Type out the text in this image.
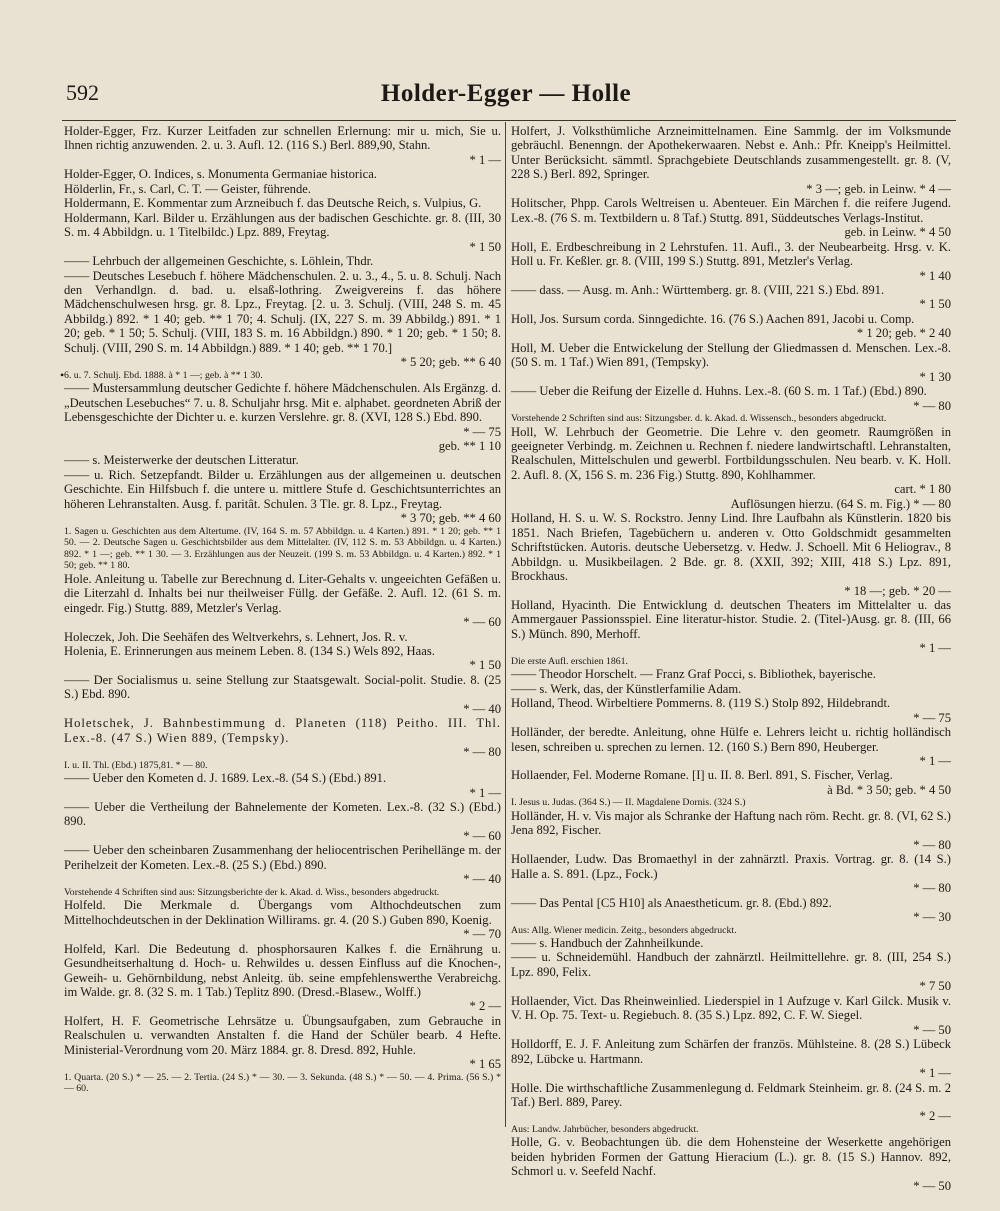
592	Holder-Egger — Holle
•

Holder-Egger, Frz. Kurzer Leitfaden zur schnellen Erlernung: mir u. mich, Sie u. Ihnen richtig anzuwenden. 2. u. 3. Aufl. 12. (116 S.) Berl. 889,90, Stahn.

* 1 —

Holder-Egger, O. Indices, s. Monumenta Germaniae historica.

Hölderlin, Fr., s. Carl, C. T. — Geister, führende.

Holdermann, E. Kommentar zum Arzneibuch f. das Deutsche Reich, s. Vulpius, G.

Holdermann, Karl. Bilder u. Erzählungen aus der badischen Geschichte. gr. 8. (III, 30 S. m. 4 Abbildgn. u. 1 Titelbildc.) Lpz. 889, Freytag.

* 1 50

—— Lehrbuch der allgemeinen Geschichte, s. Löhlein, Thdr.

—— Deutsches Lesebuch f. höhere Mädchenschulen. 2. u. 3., 4., 5. u. 8. Schulj. Nach den Verhandlgn. d. bad. u. elsaß-lothring. Zweigvereins f. das höhere Mädchenschulwesen hrsg. gr. 8. Lpz., Freytag. [2. u. 3. Schulj. (VIII, 248 S. m. 45 Abbildg.) 892. * 1 40; geb. ** 1 70; 4. Schulj. (IX, 227 S. m. 39 Abbildg.) 891. * 1 20; geb. * 1 50; 5. Schulj. (VIII, 183 S. m. 16 Abbildgn.) 890. * 1 20; geb. * 1 50; 8. Schulj. (VIII, 290 S. m. 14 Abbildgn.) 889. * 1 40; geb. ** 1 70.]

* 5 20; geb. ** 6 40

6. u. 7. Schulj. Ebd. 1888. à * 1 —; geb. à ** 1 30.

—— Mustersammlung deutscher Gedichte f. höhere Mädchenschulen. Als Ergänzg. d. „Deutschen Lesebuches“ 7. u. 8. Schuljahr hrsg. Mit e. alphabet. geordneten Abriß der Lebensgeschichte der Dichter u. e. kurzen Verslehre. gr. 8. (XVI, 128 S.) Ebd. 890.

* — 75

geb. ** 1 10

—— s. Meisterwerke der deutschen Litteratur.

—— u. Rich. Setzepfandt. Bilder u. Erzählungen aus der allgemeinen u. deutschen Geschichte. Ein Hilfsbuch f. die untere u. mittlere Stufe d. Geschichtsunterrichtes an höheren Lehranstalten. Ausg. f. paritât. Schulen. 3 Tle. gr. 8. Lpz., Freytag.

* 3 70; geb. ** 4 60

1. Sagen u. Geschichten aus dem Altertume. (IV, 164 S. m. 57 Abbildgn. u. 4 Karten.) 891. * 1 20; geb. ** 1 50. — 2. Deutsche Sagen u. Geschichtsbilder aus dem Mittelalter. (IV, 112 S. m. 53 Abbildgn. u. 4 Karten.) 892. * 1 —; geb. ** 1 30. — 3. Erzählungen aus der Neuzeit. (199 S. m. 53 Abbildgn. u. 4 Karten.) 892. * 1 50; geb. ** 1 80.

Hole. Anleitung u. Tabelle zur Berechnung d. Liter-Gehalts v. ungeeichten Gefäßen u. die Literzahl d. Inhalts bei nur theilweiser Füllg. der Gefäße. 2. Aufl. 12. (61 S. m. eingedr. Fig.) Stuttg. 889, Metzler's Verlag.

* — 60

Holeczek, Joh. Die Seehäfen des Weltverkehrs, s. Lehnert, Jos. R. v.

Holenia, E. Erinnerungen aus meinem Leben. 8. (134 S.) Wels 892, Haas.

* 1 50

—— Der Socialismus u. seine Stellung zur Staatsgewalt. Social-polit. Studie. 8. (25 S.) Ebd. 890.

* — 40

Holetschek, J. Bahnbestimmung d. Planeten (118) Peitho. III. Thl. Lex.-8. (47 S.) Wien 889, (Tempsky).

* — 80

I. u. II. Thl. (Ebd.) 1875,81. * — 80.

—— Ueber den Kometen d. J. 1689. Lex.-8. (54 S.) (Ebd.) 891.

* 1 —

—— Ueber die Vertheilung der Bahnelemente der Kometen. Lex.-8. (32 S.) (Ebd.) 890.

* — 60

—— Ueber den scheinbaren Zusammenhang der heliocentrischen Perihellänge m. der Perihelzeit der Kometen. Lex.-8. (25 S.) (Ebd.) 890.

* — 40

Vorstehende 4 Schriften sind aus: Sitzungsberichte der k. Akad. d. Wiss., besonders abgedruckt.

Holfeld. Die Merkmale d. Übergangs vom Althochdeutschen zum Mittelhochdeutschen in der Deklination Willirams. gr. 4. (20 S.) Guben 890, Koenig.

* — 70

Holfeld, Karl. Die Bedeutung d. phosphorsauren Kalkes f. die Ernährung u. Gesundheitserhaltung d. Hoch- u. Rehwildes u. dessen Einfluss auf die Knochen-, Geweih- u. Gehörnbildung, nebst Anleitg. üb. seine empfehlenswerthe Verabreichg. im Walde. gr. 8. (32 S. m. 1 Tab.) Teplitz 890. (Dresd.-Blasew., Wolff.)

* 2 —

Holfert, H. F. Geometrische Lehrsätze u. Übungsaufgaben, zum Gebrauche in Realschulen u. verwandten Anstalten f. die Hand der Schüler bearb. 4 Hefte. Ministerial-Verordnung vom 20. März 1884. gr. 8. Dresd. 892, Huhle.

* 1 65

1. Quarta. (20 S.) * — 25. — 2. Tertia. (24 S.) * — 30. — 3. Sekunda. (48 S.) * — 50. — 4. Prima. (56 S.) * — 60.

Holfert, J. Volksthümliche Arzneimittelnamen. Eine Sammlg. der im Volksmunde gebräuchl. Benenngn. der Apothekerwaaren. Nebst e. Anh.: Pfr. Kneipp's Heilmittel. Unter Berücksicht. sämmtl. Sprachgebiete Deutschlands zusammengestellt. gr. 8. (V, 228 S.) Berl. 892, Springer.

* 3 —; geb. in Leinw. * 4 —

Holitscher, Phpp. Carols Weltreisen u. Abenteuer. Ein Märchen f. die reifere Jugend. Lex.-8. (76 S. m. Textbildern u. 8 Taf.) Stuttg. 891, Süddeutsches Verlags-Institut.

geb. in Leinw. * 4 50

Holl, E. Erdbeschreibung in 2 Lehrstufen. 11. Aufl., 3. der Neubearbeitg. Hrsg. v. K. Holl u. Fr. Keßler. gr. 8. (VIII, 199 S.) Stuttg. 891, Metzler's Verlag.

* 1 40

—— dass. — Ausg. m. Anh.: Württemberg. gr. 8. (VIII, 221 S.) Ebd. 891.

* 1 50

Holl, Jos. Sursum corda. Sinngedichte. 16. (76 S.) Aachen 891, Jacobi u. Comp.

* 1 20; geb. * 2 40

Holl, M. Ueber die Entwickelung der Stellung der Gliedmassen d. Menschen. Lex.-8. (50 S. m. 1 Taf.) Wien 891, (Tempsky).

* 1 30

—— Ueber die Reifung der Eizelle d. Huhns. Lex.-8. (60 S. m. 1 Taf.) (Ebd.) 890.

* — 80

Vorstehende 2 Schriften sind aus: Sitzungsber. d. k. Akad. d. Wissensch., besonders abgedruckt.

Holl, W. Lehrbuch der Geometrie. Die Lehre v. den geometr. Raumgrößen in geeigneter Verbindg. m. Zeichnen u. Rechnen f. niedere landwirtschaftl. Lehranstalten, Realschulen, Mittelschulen und gewerbl. Fortbildungsschulen. Neu bearb. v. K. Holl. 2. Aufl. 8. (X, 156 S. m. 236 Fig.) Stuttg. 890, Kohlhammer.

cart. * 1 80

Auflösungen hierzu. (64 S. m. Fig.) * — 80

Holland, H. S. u. W. S. Rockstro. Jenny Lind. Ihre Laufbahn als Künstlerin. 1820 bis 1851. Nach Briefen, Tagebüchern u. anderen v. Otto Goldschmidt gesammelten Schriftstücken. Autoris. deutsche Uebersetzg. v. Hedw. J. Schoell. Mit 6 Heliograv., 8 Abbildgn. u. Musikbeilagen. 2 Bde. gr. 8. (XXII, 392; XIII, 418 S.) Lpz. 891, Brockhaus.

* 18 —; geb. * 20 —

Holland, Hyacinth. Die Entwicklung d. deutschen Theaters im Mittelalter u. das Ammergauer Passionsspiel. Eine literatur-histor. Studie. 2. (Titel-)Ausg. gr. 8. (III, 66 S.) Münch. 890, Merhoff.

* 1 —

Die erste Aufl. erschien 1861.

—— Theodor Horschelt. — Franz Graf Pocci, s. Bibliothek, bayerische.

—— s. Werk, das, der Künstlerfamilie Adam.

Holland, Theod. Wirbeltiere Pommerns. 8. (119 S.) Stolp 892, Hildebrandt.

* — 75

Holländer, der beredte. Anleitung, ohne Hülfe e. Lehrers leicht u. richtig holländisch lesen, schreiben u. sprechen zu lernen. 12. (160 S.) Bern 890, Heuberger.

* 1 —

Hollaender, Fel. Moderne Romane. [I] u. II. 8. Berl. 891, S. Fischer, Verlag.

à Bd. * 3 50; geb. * 4 50

I. Jesus u. Judas. (364 S.) — II. Magdalene Dornis. (324 S.)

Holländer, H. v. Vis major als Schranke der Haftung nach röm. Recht. gr. 8. (VI, 62 S.) Jena 892, Fischer.

* — 80

Hollaender, Ludw. Das Bromaethyl in der zahnärztl. Praxis. Vortrag. gr. 8. (14 S.) Halle a. S. 891. (Lpz., Fock.)

* — 80

—— Das Pental [C5 H10] als Anaestheticum. gr. 8. (Ebd.) 892.

* — 30

Aus: Allg. Wiener medicin. Zeitg., besonders abgedruckt.

—— s. Handbuch der Zahnheilkunde.

—— u. Schneidemühl. Handbuch der zahnärztl. Heilmittellehre. gr. 8. (III, 254 S.) Lpz. 890, Felix.

* 7 50

Hollaender, Vict. Das Rheinweinlied. Liederspiel in 1 Aufzuge v. Karl Gilck. Musik v. V. H. Op. 75. Text- u. Regiebuch. 8. (35 S.) Lpz. 892, C. F. W. Siegel.

* — 50

Holldorff, E. J. F. Anleitung zum Schärfen der französ. Mühlsteine. 8. (28 S.) Lübeck 892, Lübcke u. Hartmann.

* 1 —

Holle. Die wirthschaftliche Zusammenlegung d. Feldmark Steinheim. gr. 8. (24 S. m. 2 Taf.) Berl. 889, Parey.

* 2 —

Aus: Landw. Jahrbücher, besonders abgedruckt.

Holle, G. v. Beobachtungen üb. die dem Hohensteine der Weserkette angehörigen beiden hybriden Formen der Gattung Hieracium (L.). gr. 8. (15 S.) Hannov. 892, Schmorl u. v. Seefeld Nachf.

* — 50
